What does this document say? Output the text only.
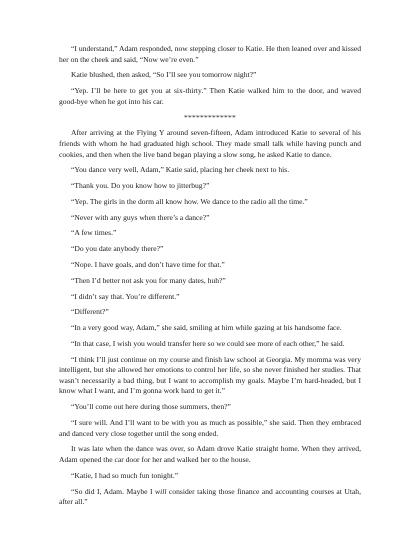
“I understand,” Adam responded, now stepping closer to Katie. He then leaned over and kissed her on the cheek and said, “Now we’re even.”

Katie blushed, then asked, “So I’ll see you tomorrow night?”

“Yep. I’ll be here to get you at six-thirty.” Then Katie walked him to the door, and waved good-bye when he got into his car.

*************

After arriving at the Flying Y around seven-fifteen, Adam introduced Katie to several of his friends with whom he had graduated high school. They made small talk while having punch and cookies, and then when the live band began playing a slow song, he asked Katie to dance.

“You dance very well, Adam,” Katie said, placing her cheek next to his.

“Thank you. Do you know how to jitterbug?”

“Yep. The girls in the dorm all know how. We dance to the radio all the time.”

“Never with any guys when there’s a dance?”

“A few times.”

“Do you date anybody there?”

“Nope. I have goals, and don’t have time for that.”

“Then I’d better not ask you for many dates, huh?”

“I didn’t say that. You’re different.”

“Different?”

“In a very good way, Adam,” she said, smiling at him while gazing at his handsome face.

“In that case, I wish you would transfer here so we could see more of each other,” he said.

“I think I’ll just continue on my course and finish law school at Georgia. My momma was very intelligent, but she allowed her emotions to control her life, so she never finished her studies. That wasn’t necessarily a bad thing, but I want to accomplish my goals. Maybe I’m hard-headed, but I know what I want, and I’m gonna work hard to get it.”

“You’ll come out here during those summers, then?”

“I sure will. And I’ll want to be with you as much as possible,” she said. Then they embraced and danced very close together until the song ended.

It was late when the dance was over, so Adam drove Katie straight home. When they arrived, Adam opened the car door for her and walked her to the house.

“Katie, I had so much fun tonight.”

“So did I, Adam. Maybe I will consider taking those finance and accounting courses at Utah, after all.”
